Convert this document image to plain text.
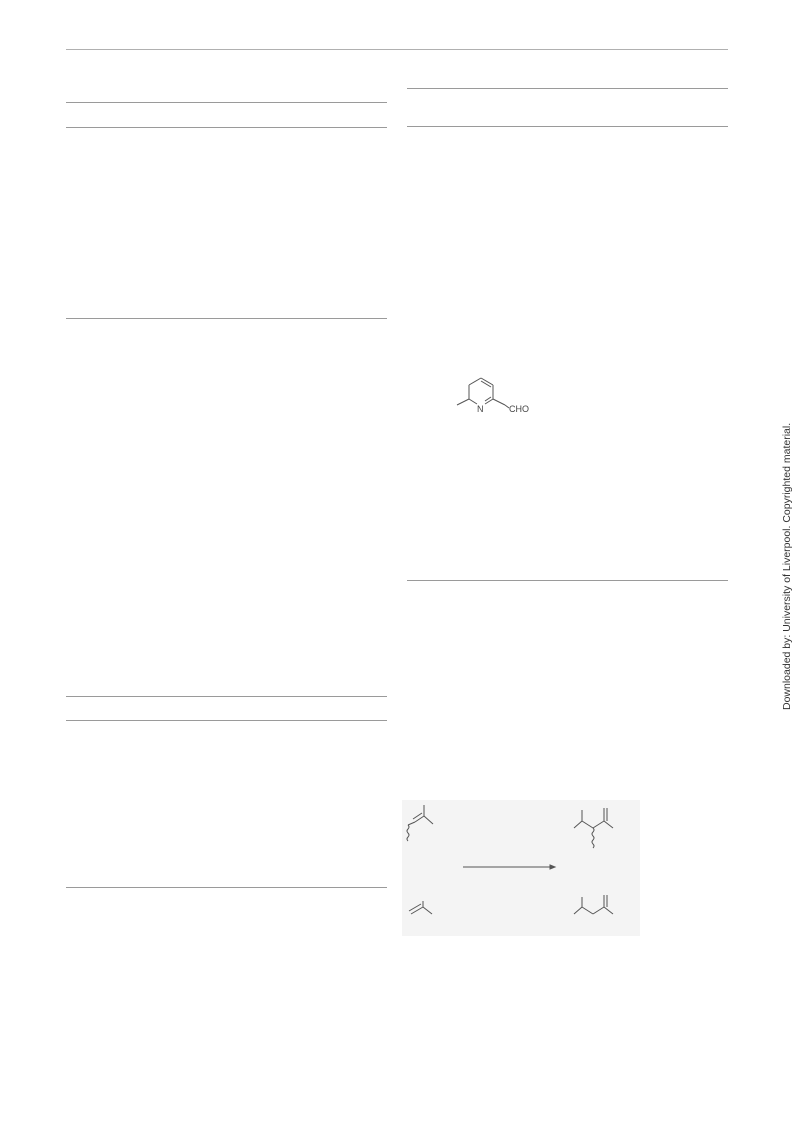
N	CHO
Downloaded by: University of Liverpool. Copyrighted material.
